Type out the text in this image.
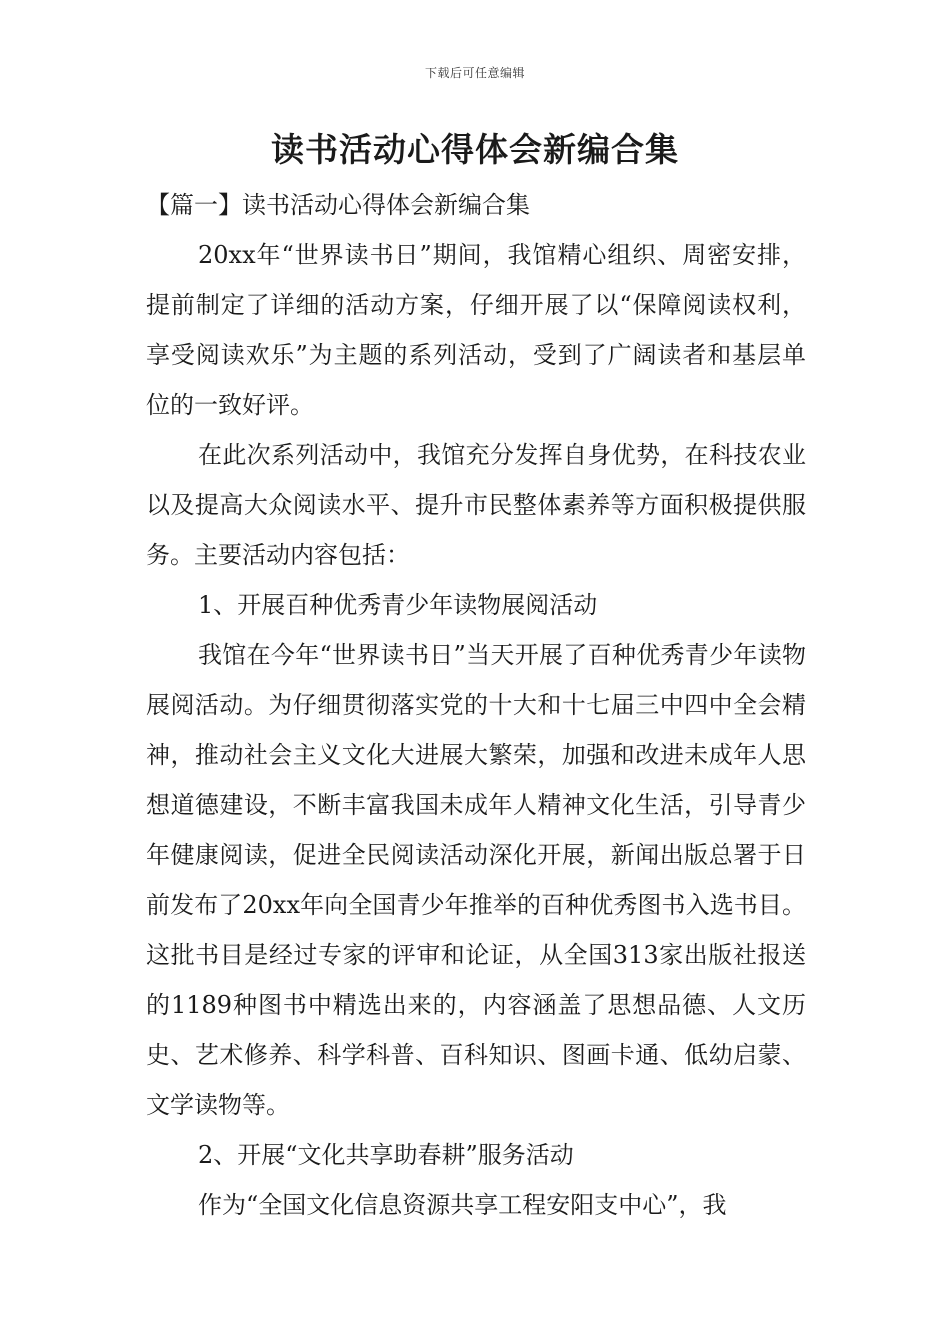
下载后可任意编辑
读书活动心得体会新编合集

【篇一】读书活动心得体会新编合集

20xx年“世界读书日”期间，我馆精心组织、周密安排，提前制定了详细的活动方案，仔细开展了以“保障阅读权利，享受阅读欢乐”为主题的系列活动，受到了广阔读者和基层单位的一致好评。

在此次系列活动中，我馆充分发挥自身优势，在科技农业以及提高大众阅读水平、提升市民整体素养等方面积极提供服务。主要活动内容包括：

1、开展百种优秀青少年读物展阅活动

我馆在今年“世界读书日”当天开展了百种优秀青少年读物展阅活动。为仔细贯彻落实党的十大和十七届三中四中全会精神，推动社会主义文化大进展大繁荣，加强和改进未成年人思想道德建设，不断丰富我国未成年人精神文化生活，引导青少年健康阅读，促进全民阅读活动深化开展，新闻出版总署于日前发布了20xx年向全国青少年推举的百种优秀图书入选书目。这批书目是经过专家的评审和论证，从全国313家出版社报送的1189种图书中精选出来的，内容涵盖了思想品德、人文历史、艺术修养、科学科普、百科知识、图画卡通、低幼启蒙、文学读物等。

2、开展“文化共享助春耕”服务活动

作为“全国文化信息资源共享工程安阳支中心”，我
